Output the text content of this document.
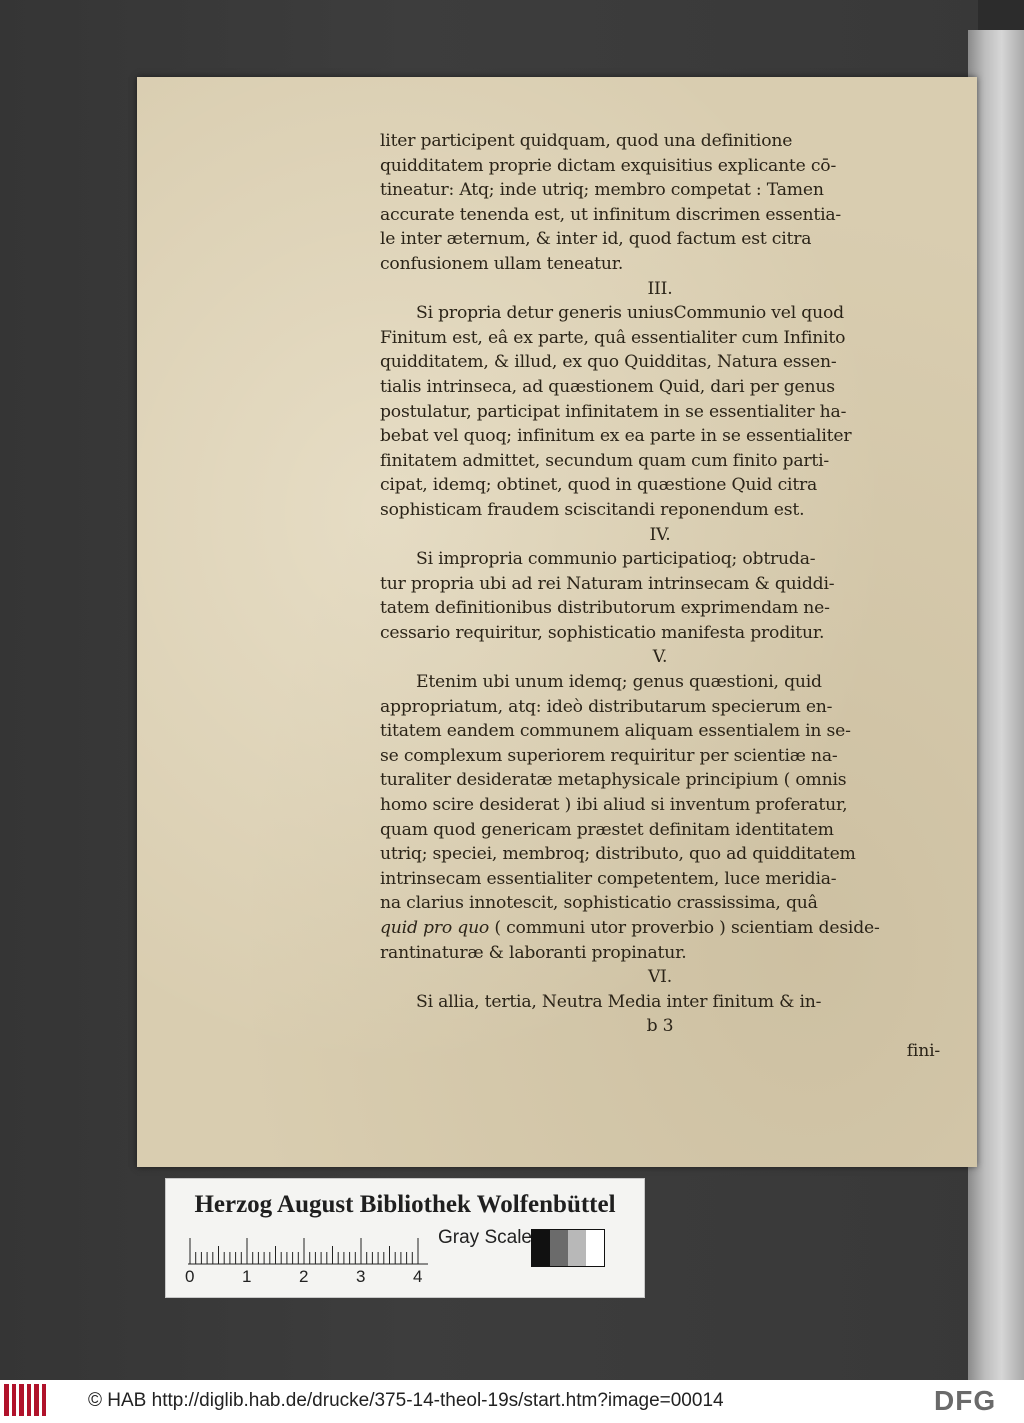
liter participent quidquam, quod una definitione
quidditatem proprie dictam exquisitius explicante cō-
tineatur: Atq; inde utriq; membro competat : Tamen
accurate tenenda est, ut infinitum discrimen essentia-
le inter æternum, & inter id, quod factum est citra
confusionem ullam teneatur.
III.
Si propria detur generis uniusCommunio vel quod
Finitum est, eâ ex parte, quâ essentialiter cum Infinito
quidditatem, & illud, ex quo Quidditas, Natura essen-
tialis intrinseca, ad quæstionem Quid, dari per genus
postulatur, participat infinitatem in se essentialiter ha-
bebat vel quoq; infinitum ex ea parte in se essentialiter
finitatem admittet, secundum quam cum finito parti-
cipat, idemq; obtinet, quod in quæstione Quid citra
sophisticam fraudem sciscitandi reponendum est.
IV.
Si impropria communio participatioq; obtruda-
tur propria ubi ad rei Naturam intrinsecam & quiddi-
tatem definitionibus distributorum exprimendam ne-
cessario requiritur, sophisticatio manifesta proditur.
V.
Etenim ubi unum idemq; genus quæstioni, quid
appropriatum, atq: ideò distributarum specierum en-
titatem eandem communem aliquam essentialem in se-
se complexum superiorem requiritur per scientiæ na-
turaliter desideratæ metaphysicale principium ( omnis
homo scire desiderat ) ibi aliud si inventum proferatur,
quam quod genericam præstet definitam identitatem
utriq; speciei, membroq; distributo, quo ad quidditatem
intrinsecam essentialiter competentem, luce meridia-
na clarius innotescit, sophisticatio crassissima, quâ
quid pro quo ( communi utor proverbio ) scientiam deside-
rantinaturæ & laboranti propinatur.
VI.
Si allia, tertia, Neutra Media inter finitum & in-
b 3
fini-
Herzog August Bibliothek Wolfenbüttel
0	1	2	3	4
Gray Scale
© HAB http://diglib.hab.de/drucke/375-14-theol-19s/start.htm?image=00014	DFG
